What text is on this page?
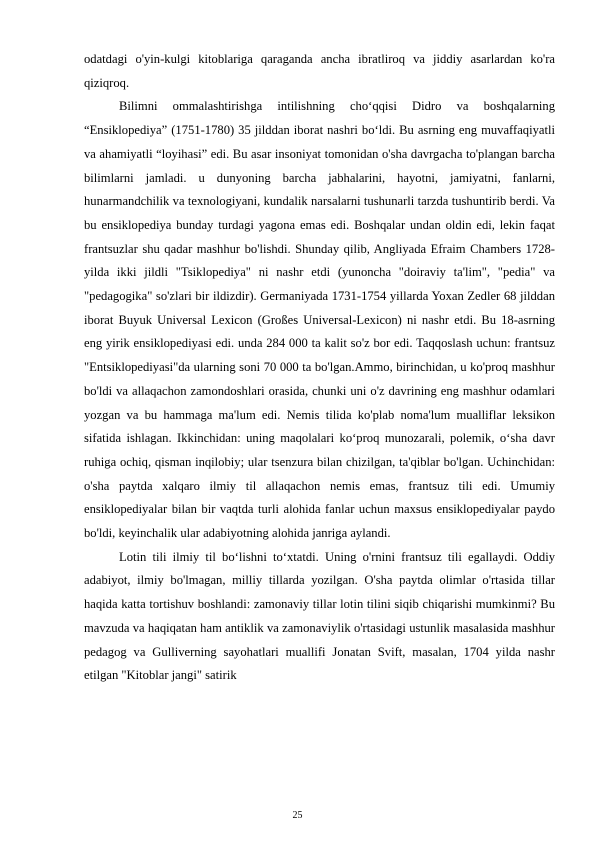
odatdagi o'yin-kulgi kitoblariga qaraganda ancha ibratliroq va jiddiy asarlardan ko'ra qiziqroq.

Bilimni ommalashtirishga intilishning cho‘qqisi Didro va boshqalarning “Ensiklopediya” (1751-1780) 35 jilddan iborat nashri bo‘ldi. Bu asrning eng muvaffaqiyatli va ahamiyatli “loyihasi” edi. Bu asar insoniyat tomonidan o'sha davrgacha to'plangan barcha bilimlarni jamladi. u dunyoning barcha jabhalarini, hayotni, jamiyatni, fanlarni, hunarmandchilik va texnologiyani, kundalik narsalarni tushunarli tarzda tushuntirib berdi. Va bu ensiklopediya bunday turdagi yagona emas edi. Boshqalar undan oldin edi, lekin faqat frantsuzlar shu qadar mashhur bo'lishdi. Shunday qilib, Angliyada Efraim Chambers 1728-yilda ikki jildli "Tsiklopediya" ni nashr etdi (yunoncha "doiraviy ta'lim", "pedia" va "pedagogika" so'zlari bir ildizdir). Germaniyada 1731-1754 yillarda Yoxan Zedler 68 jilddan iborat Buyuk Universal Lexicon (Großes Universal-Lexicon) ni nashr etdi. Bu 18-asrning eng yirik ensiklopediyasi edi. unda 284 000 ta kalit so'z bor edi. Taqqoslash uchun: frantsuz "Entsiklopediyasi"da ularning soni 70 000 ta bo'lgan.Ammo, birinchidan, u ko'proq mashhur bo'ldi va allaqachon zamondoshlari orasida, chunki uni o'z davrining eng mashhur odamlari yozgan va bu hammaga ma'lum edi. Nemis tilida ko'plab noma'lum mualliflar leksikon sifatida ishlagan. Ikkinchidan: uning maqolalari ko‘proq munozarali, polemik, o‘sha davr ruhiga ochiq, qisman inqilobiy; ular tsenzura bilan chizilgan, ta'qiblar bo'lgan. Uchinchidan: o'sha paytda xalqaro ilmiy til allaqachon nemis emas, frantsuz tili edi. Umumiy ensiklopediyalar bilan bir vaqtda turli alohida fanlar uchun maxsus ensiklopediyalar paydo bo'ldi, keyinchalik ular adabiyotning alohida janriga aylandi.

Lotin tili ilmiy til bo‘lishni to‘xtatdi. Uning o'rnini frantsuz tili egallaydi. Oddiy adabiyot, ilmiy bo'lmagan, milliy tillarda yozilgan. O'sha paytda olimlar o'rtasida tillar haqida katta tortishuv boshlandi: zamonaviy tillar lotin tilini siqib chiqarishi mumkinmi? Bu mavzuda va haqiqatan ham antiklik va zamonaviylik o'rtasidagi ustunlik masalasida mashhur pedagog va Gulliverning sayohatlari muallifi Jonatan Svift, masalan, 1704 yilda nashr etilgan "Kitoblar jangi" satirik

25
